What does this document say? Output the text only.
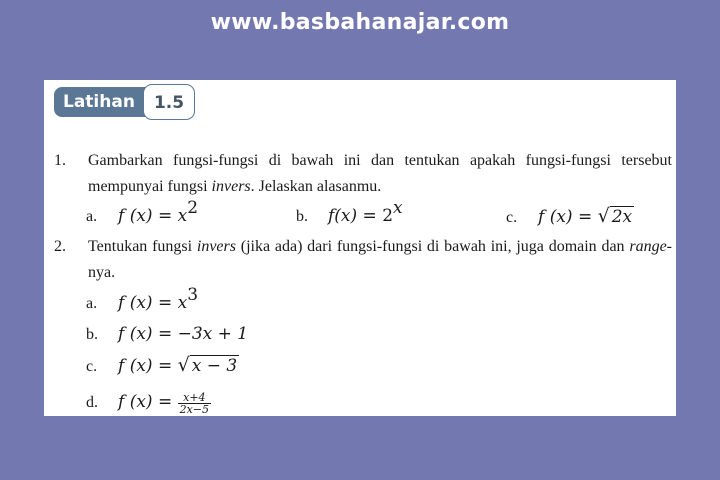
www.basbahanajar.com
Latihan	1.5
1. Gambarkan fungsi-fungsi di bawah ini dan tentukan apakah fungsi-fungsi tersebut mempunyai fungsi invers. Jelaskan alasanmu.
a. f $(x) = x^2$	b. $f(x) = 2^x$	c. f (x) = √ 2x
2. Tentukan fungsi invers (jika ada) dari fungsi-fungsi di bawah ini, juga domain dan range-nya.
a. f $(x) = x^3$
b. f (x) = −3x + 1
c. f (x) = √ x − 3
d. f $(x) = \frac{x+4}{2x-5}$
